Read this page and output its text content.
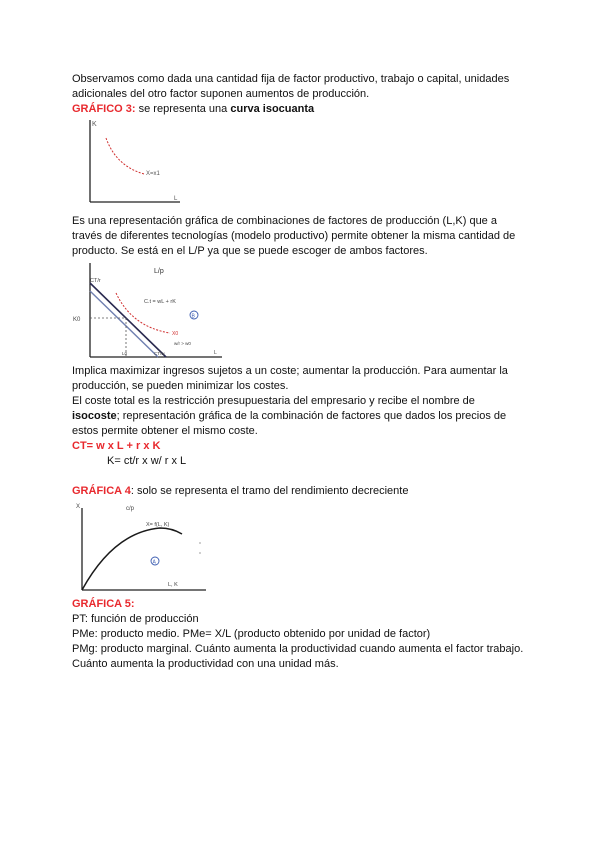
Observamos como dada una cantidad fija de factor productivo, trabajo o capital, unidades
adicionales del otro factor suponen aumentos de producción.
GRÁFICO 3: se representa una curva isocuanta
K
X=x1
L
Es una representación gráfica de combinaciones de factores de producción (L,K) que a
través de diferentes tecnologías (modelo productivo) permite obtener la misma cantidad de
producto. Se está en el L/P ya que se puede escoger de ambos factores.
B
L/p
CT/r
K0
C.t = wL + rK
X0
w/r > w0
CT/w
L0	L
Implica maximizar ingresos sujetos a un coste; aumentar la producción. Para aumentar la
producción, se pueden minimizar los costes.
El coste total es la restricción presupuestaria del empresario y recibe el nombre de
isocoste; representación gráfica de la combinación de factores que dados los precios de
estos permite obtener el mismo coste.
CT= w x L + r x K
K= ct/r x w/ r x L
GRÁFICA 4: solo se representa el tramo del rendimiento decreciente
A
X	c/p
X= f(L, K)
L, K
GRÁFICA 5:
PT: función de producción
PMe: producto medio. PMe= X/L (producto obtenido por unidad de factor)
PMg: producto marginal. Cuánto aumenta la productividad cuando aumenta el factor trabajo.
Cuánto aumenta la productividad con una unidad más.
